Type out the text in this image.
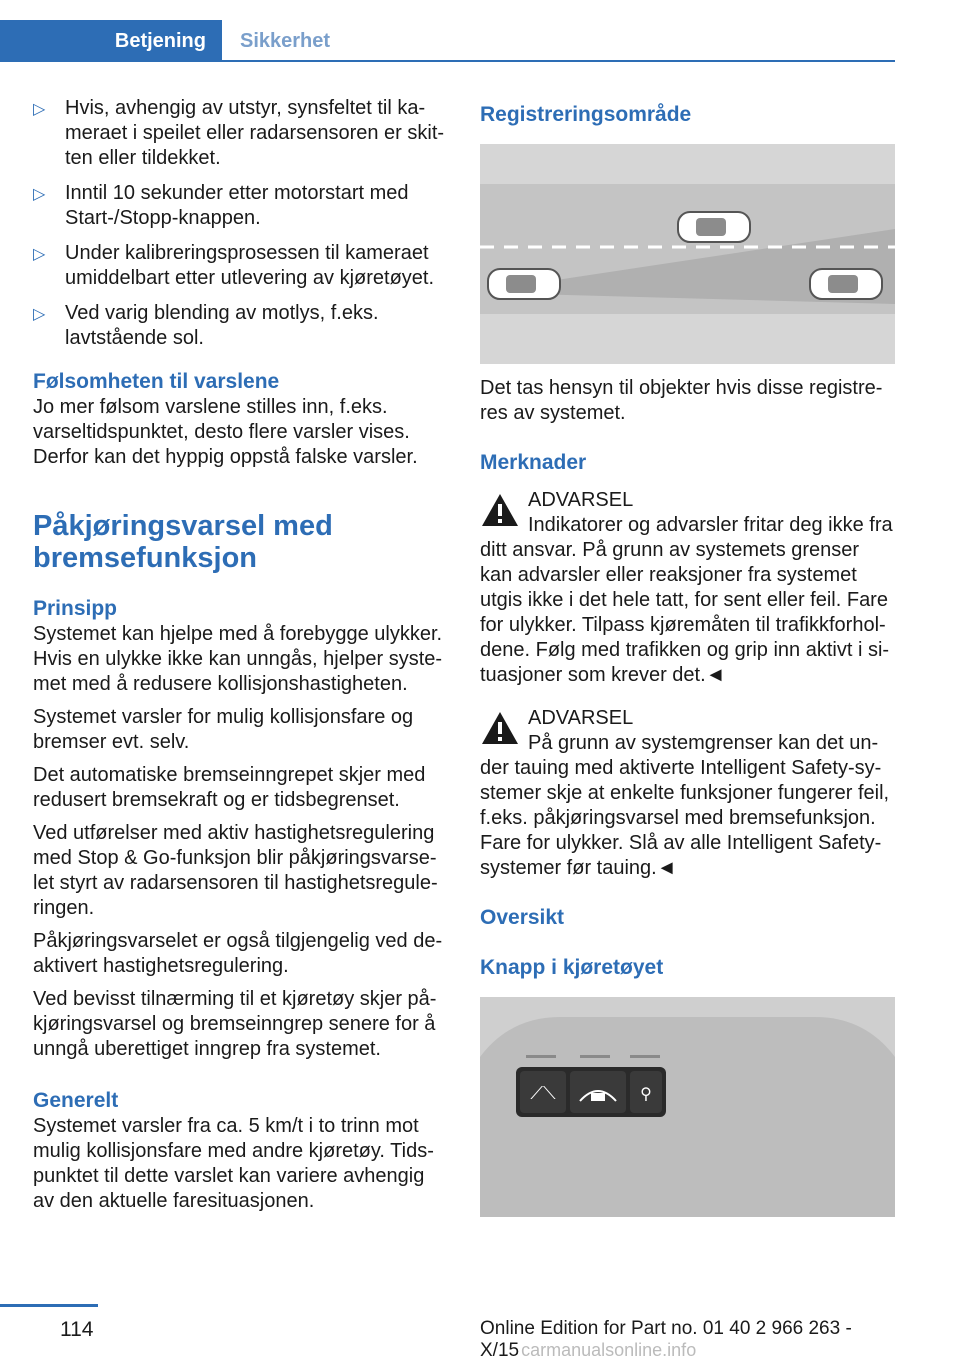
Betjening	Sikkerhet
▷ Hvis, avhengig av utstyr, synsfeltet til kameraet i speilet eller radarsensoren er skitten eller tildekket.
▷ Inntil 10 sekunder etter motorstart med Start-/Stopp-knappen.
▷ Under kalibreringsprosessen til kameraet umiddelbart etter utlevering av kjøretøyet.
▷ Ved varig blending av motlys, f.eks. lavtstående sol.
Følsomheten til varslene

Jo mer følsom varslene stilles inn, f.eks. varseltidspunktet, desto flere varsler vises. Derfor kan det hyppig oppstå falske varsler.

Påkjøringsvarsel med bremsefunksjon
Prinsipp

Systemet kan hjelpe med å forebygge ulykker. Hvis en ulykke ikke kan unngås, hjelper systemet med å redusere kollisjonshastigheten.

Systemet varsler for mulig kollisjonsfare og bremser evt. selv.

Det automatiske bremseinngrepet skjer med redusert bremsekraft og er tidsbegrenset.

Ved utførelser med aktiv hastighetsregulering med Stop & Go-funksjon blir påkjøringsvarselet styrt av radarsensoren til hastighetsreguleringen.

Påkjøringsvarselet er også tilgjengelig ved deaktivert hastighetsregulering.

Ved bevisst tilnærming til et kjøretøy skjer påkjøringsvarsel og bremseinngrep senere for å unngå uberettiget inngrep fra systemet.

Generelt

Systemet varsler fra ca. 5 km/t i to trinn mot mulig kollisjonsfare med andre kjøretøy. Tidspunktet til dette varslet kan variere avhengig av den aktuelle faresituasjonen.

Registreringsområde

Det tas hensyn til objekter hvis disse registreres av systemet.

Merknader
ADVARSEL

Indikatorer og advarsler fritar deg ikke fra ditt ansvar. På grunn av systemets grenser kan advarsler eller reaksjoner fra systemet utgis ikke i det hele tatt, for sent eller feil. Fare for ulykker. Tilpass kjøremåten til trafikkforholdene. Følg med trafikken og grip inn aktivt i situasjoner som krever det.◄

ADVARSEL

På grunn av systemgrenser kan det under tauing med aktiverte Intelligent Safety-systemer skje at enkelte funksjoner fungerer feil, f.eks. påkjøringsvarsel med bremsefunksjon. Fare for ulykker. Slå av alle Intelligent Safety-systemer før tauing.◄

Oversikt
Knapp i kjøretøyet
⟋⟍	⚲
114	Online Edition for Part no. 01 40 2 966 263 - X/15 carmanualsonline.info
